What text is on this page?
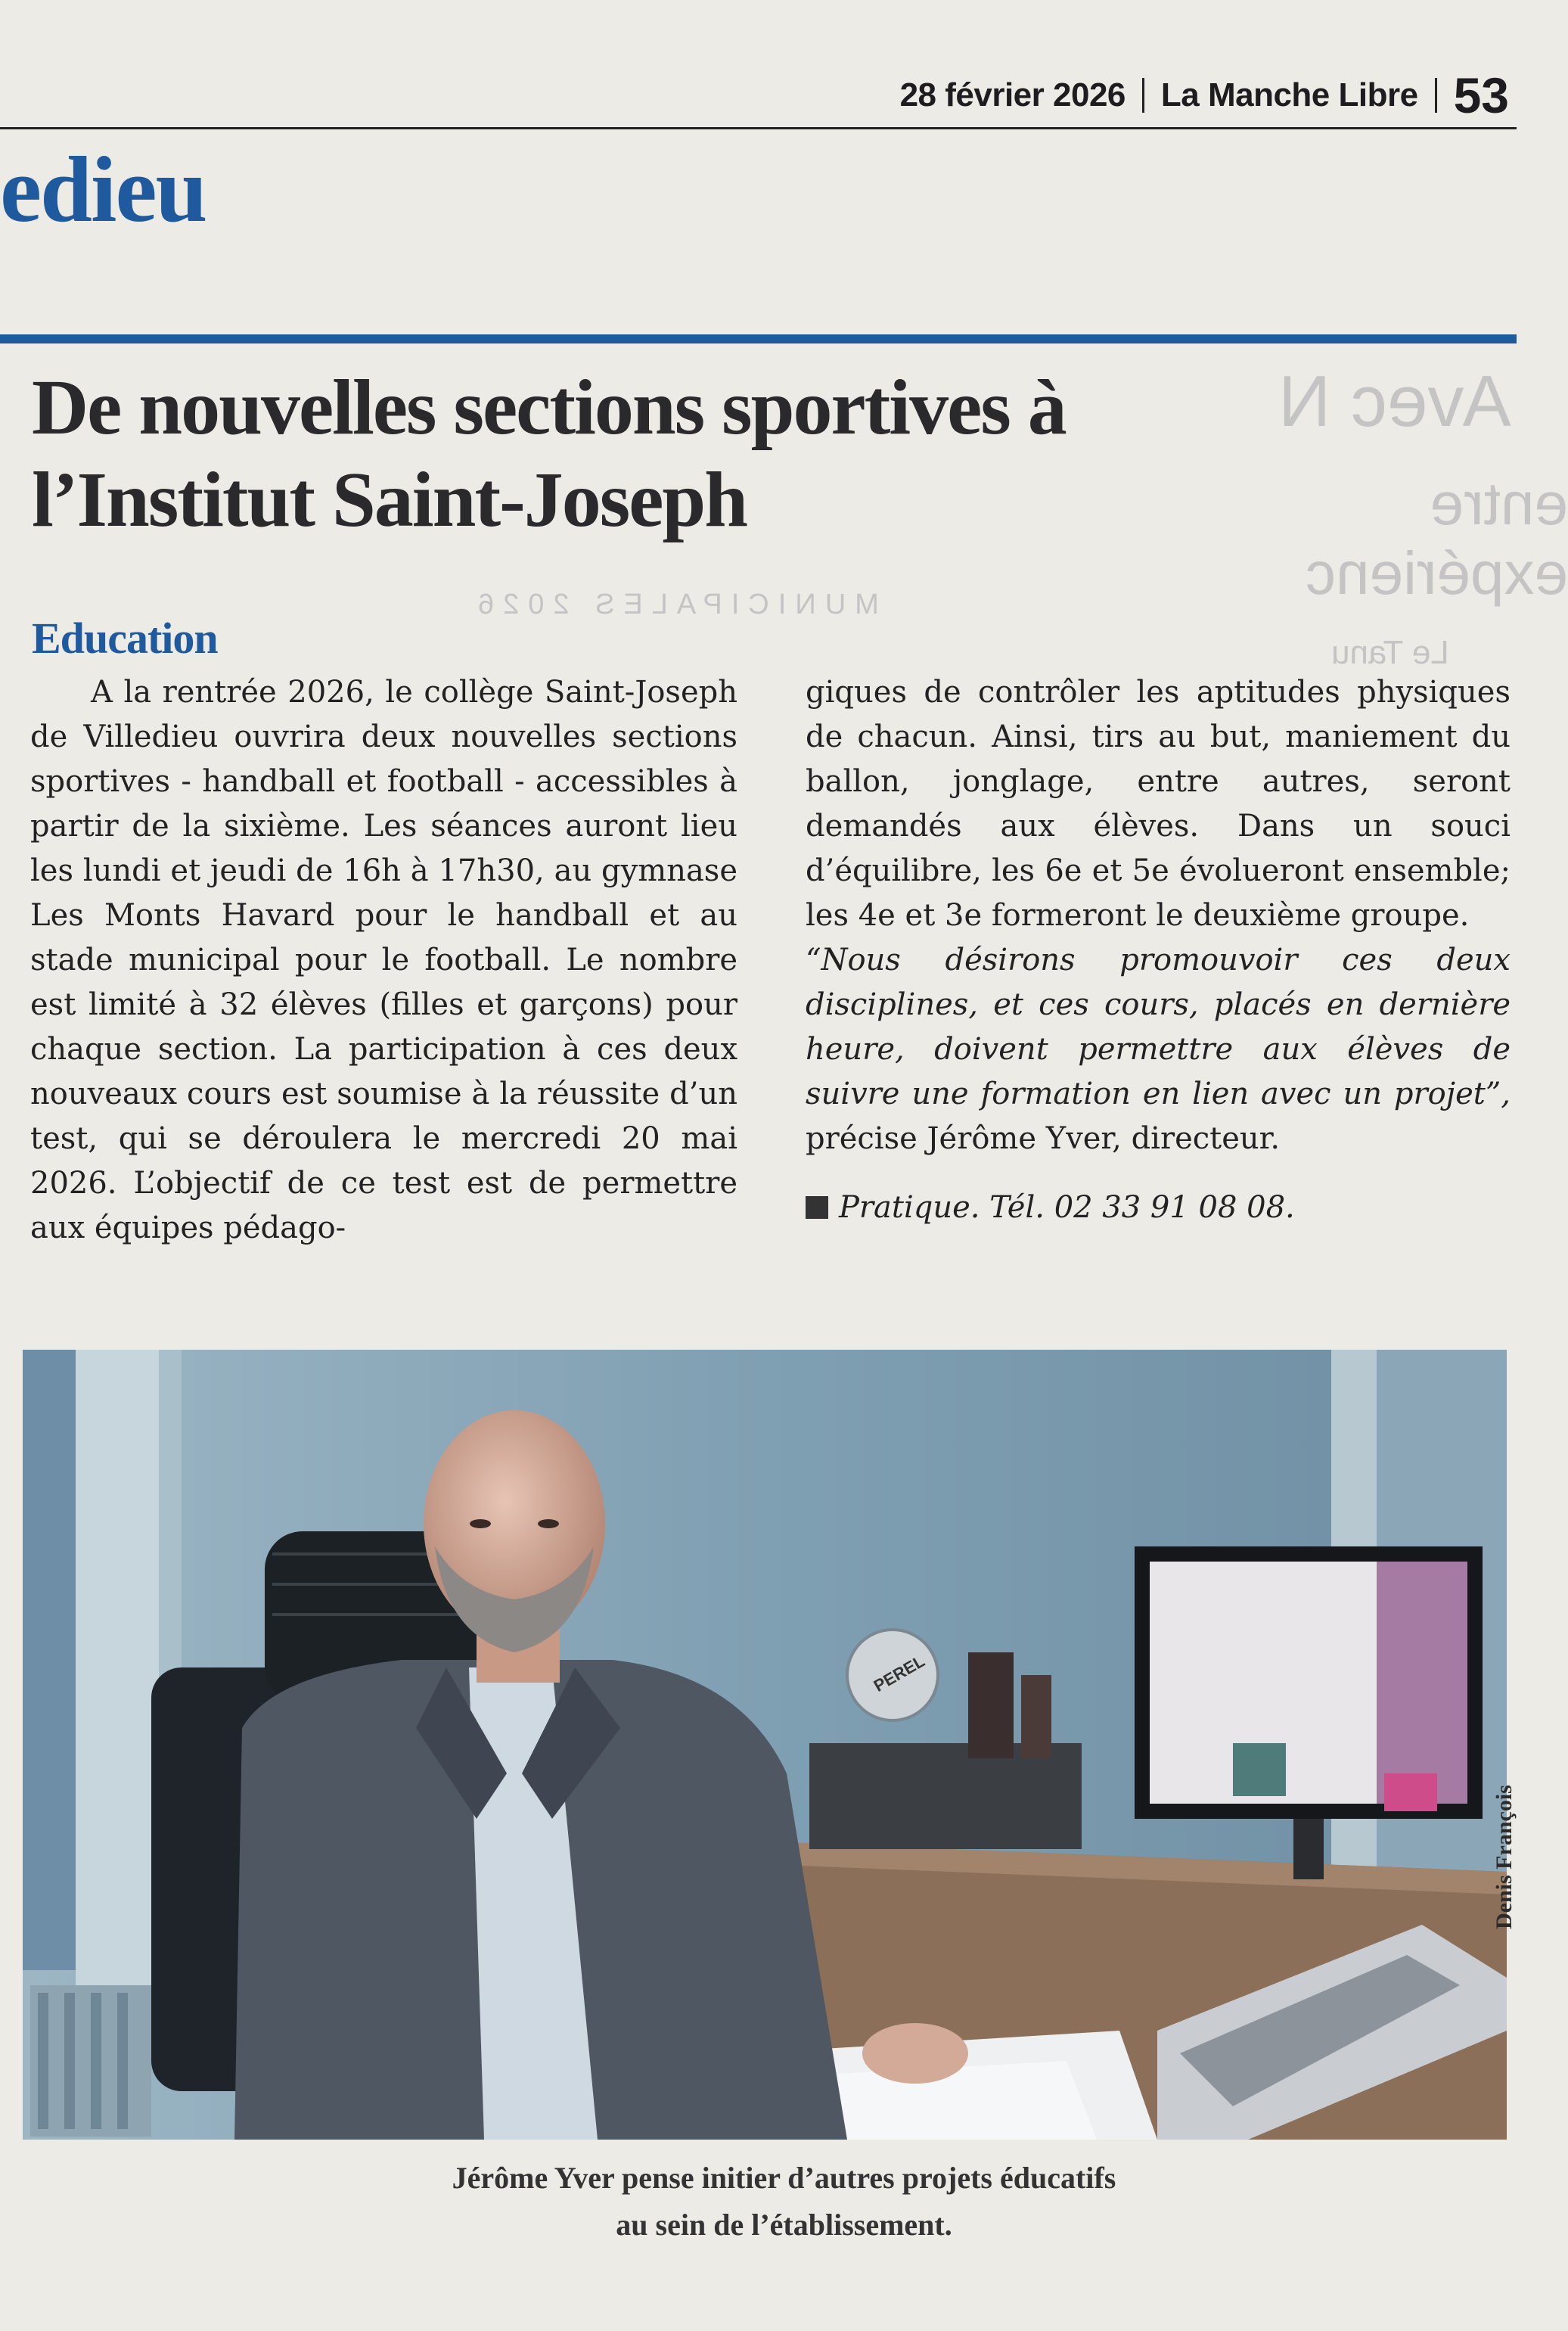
Avec N
entre expérienc
MUNICIPALES 2026
Le Tanu
28 février 2026 La Manche Libre 53
edieu
De nouvelles sections sportives à l’Institut Saint-Joseph
Education

A la rentrée 2026, le collège Saint-Joseph de Villedieu ouvrira deux nouvelles sections sportives - handball et football - accessibles à partir de la sixième. Les séances auront lieu les lundi et jeudi de 16h à 17h30, au gymnase Les Monts Havard pour le handball et au stade municipal pour le football. Le nombre est limité à 32 élèves (filles et garçons) pour chaque section. La participation à ces deux nouveaux cours est soumise à la réussite d’un test, qui se déroulera le mercredi 20 mai 2026. L’objectif de ce test est de permettre aux équipes pédago-

giques de contrôler les aptitudes physiques de chacun. Ainsi, tirs au but, maniement du ballon, jonglage, entre autres, seront demandés aux élèves. Dans un souci d’équilibre, les 6e et 5e évolueront ensemble; les 4e et 3e formeront le deuxième groupe.

“Nous désirons promouvoir ces deux disciplines, et ces cours, placés en dernière heure, doivent permettre aux élèves de suivre une formation en lien avec un projet”, précise Jérôme Yver, directeur.

Pratique. Tél. 02 33 91 08 08.

PEREL
Denis François
Jérôme Yver pense initier d’autres projets éducatifs
au sein de l’établissement.
